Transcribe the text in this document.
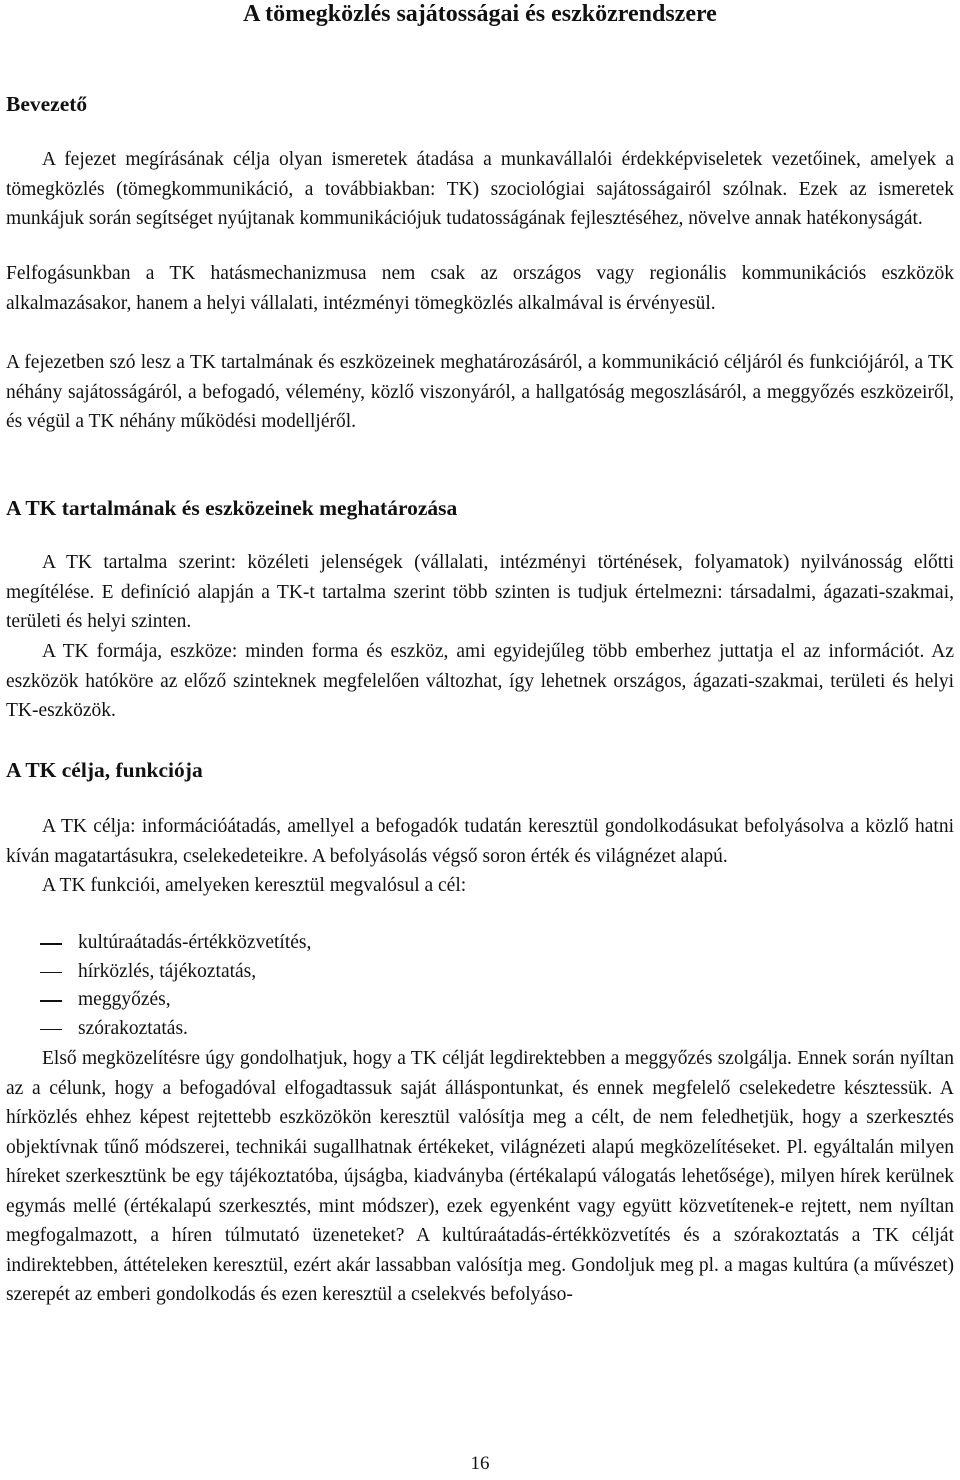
A tömegközlés sajátosságai és eszközrendszere
Bevezető

A fejezet megírásának célja olyan ismeretek átadása a munkavállalói érdekképviseletek vezetőinek, amelyek a tömegközlés (tömegkommunikáció, a továbbiakban: TK) szociológiai sajátosságairól szólnak. Ezek az ismeretek munkájuk során segítséget nyújtanak kommunikációjuk tudatosságának fejlesztéséhez, növelve annak hatékonyságát.

Felfogásunkban a TK hatásmechanizmusa nem csak az országos vagy regionális kommunikációs eszközök alkalmazásakor, hanem a helyi vállalati, intézményi tömegközlés alkalmával is érvényesül.

A fejezetben szó lesz a TK tartalmának és eszközeinek meghatározásáról, a kommunikáció céljáról és funkciójáról, a TK néhány sajátosságáról, a befogadó, vélemény, közlő viszonyáról, a hallgatóság megoszlásáról, a meggyőzés eszközeiről, és végül a TK néhány működési modelljéről.

A TK tartalmának és eszközeinek meghatározása

A TK tartalma szerint: közéleti jelenségek (vállalati, intézményi történések, folyamatok) nyilvánosság előtti megítélése. E definíció alapján a TK-t tartalma szerint több szinten is tudjuk értelmezni: társadalmi, ágazati-szakmai, területi és helyi szinten.

A TK formája, eszköze: minden forma és eszköz, ami egyidejűleg több emberhez juttatja el az információt. Az eszközök hatóköre az előző szinteknek megfelelően változhat, így lehetnek országos, ágazati-szakmai, területi és helyi TK-eszközök.

A TK célja, funkciója

A TK célja: információátadás, amellyel a befogadók tudatán keresztül gondolkodásukat befolyásolva a közlő hatni kíván magatartásukra, cselekedeteikre. A befolyásolás végső soron érték és világnézet alapú.

A TK funkciói, amelyeken keresztül megvalósul a cél:

kultúraátadás-értékközvetítés,
hírközlés, tájékoztatás,
meggyőzés,
szórakoztatás.

Első megközelítésre úgy gondolhatjuk, hogy a TK célját legdirektebben a meggyőzés szolgálja. Ennek során nyíltan az a célunk, hogy a befogadóval elfogadtassuk saját álláspontunkat, és ennek megfelelő cselekedetre késztessük. A hírközlés ehhez képest rejtettebb eszközökön keresztül valósítja meg a célt, de nem feledhetjük, hogy a szerkesztés objektívnak tűnő módszerei, technikái sugallhatnak értékeket, világnézeti alapú megközelítéseket. Pl. egyáltalán milyen híreket szerkesztünk be egy tájékoztatóba, újságba, kiadványba (értékalapú válogatás lehetősége), milyen hírek kerülnek egymás mellé (értékalapú szerkesztés, mint módszer), ezek egyenként vagy együtt közvetítenek-e rejtett, nem nyíltan megfogalmazott, a híren túlmutató üzeneteket? A kultúraátadás-értékközvetítés és a szórakoztatás a TK célját indirektebben, áttételeken keresztül, ezért akár lassabban valósítja meg. Gondoljuk meg pl. a magas kultúra (a művészet) szerepét az emberi gondolkodás és ezen keresztül a cselekvés befolyáso-

16
